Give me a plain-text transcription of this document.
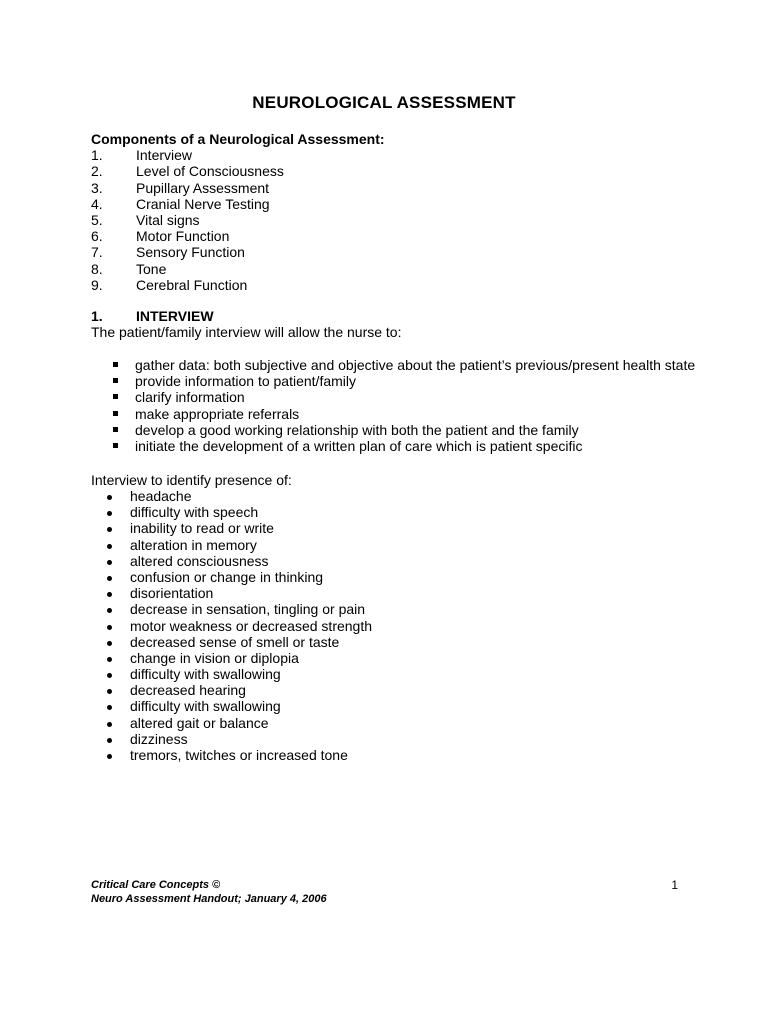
NEUROLOGICAL ASSESSMENT
Components of a Neurological Assessment:
1. Interview
2. Level of Consciousness
3. Pupillary Assessment
4. Cranial Nerve Testing
5. Vital signs
6. Motor Function
7. Sensory Function
8. Tone
9. Cerebral Function
1. INTERVIEW
The patient/family interview will allow the nurse to:
gather data: both subjective and objective about the patient’s previous/present health state
provide information to patient/family
clarify information
make appropriate referrals
develop a good working relationship with both the patient and the family
initiate the development of a written plan of care which is patient specific
Interview to identify presence of:
headache
difficulty with speech
inability to read or write
alteration in memory
altered consciousness
confusion or change in thinking
disorientation
decrease in sensation, tingling or pain
motor weakness or decreased strength
decreased sense of smell or taste
change in vision or diplopia
difficulty with swallowing
decreased hearing
difficulty with swallowing
altered gait or balance
dizziness
tremors, twitches or increased tone
Critical Care Concepts ©
Neuro Assessment Handout; January 4, 2006
1
